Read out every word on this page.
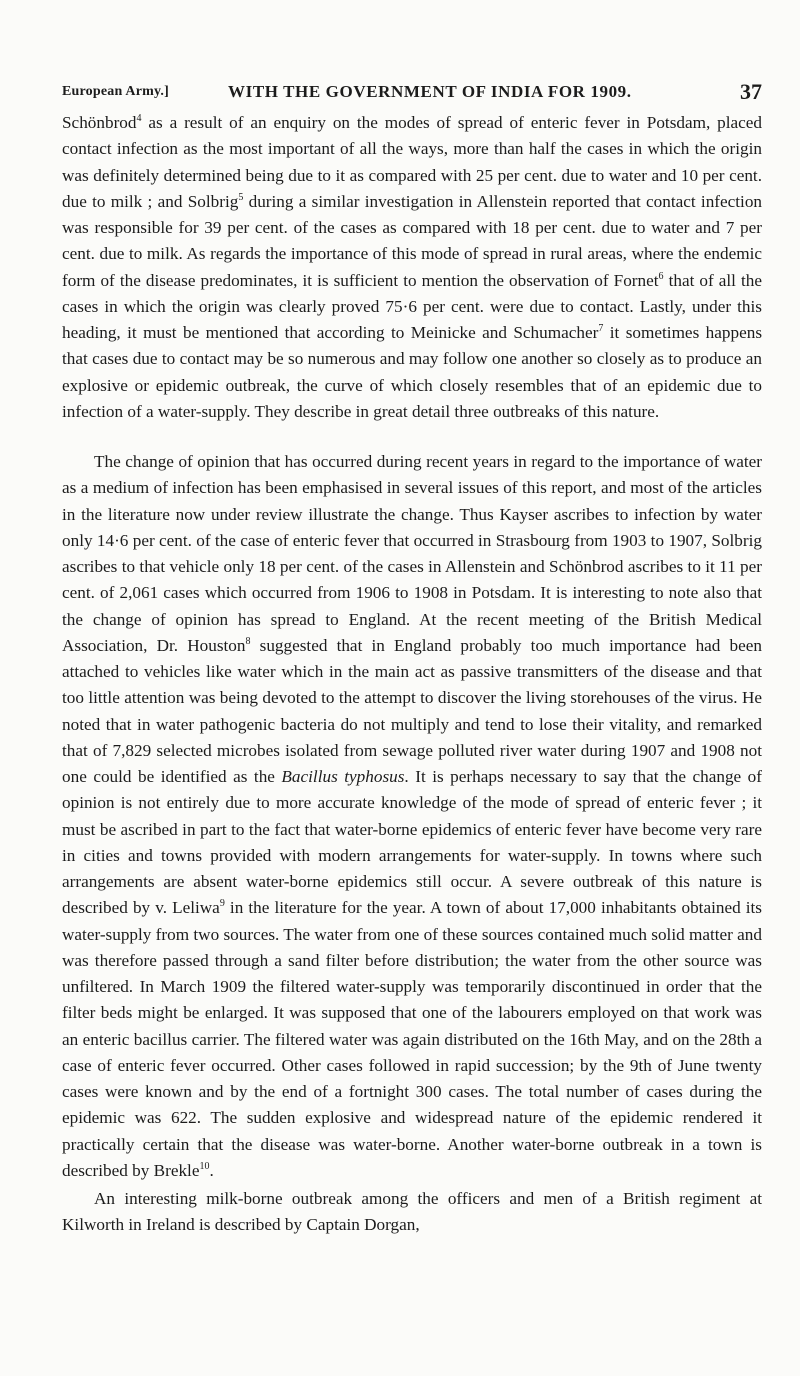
European Army.]	WITH THE GOVERNMENT OF INDIA FOR 1909.	37

Schönbrod$^4$ as a result of an enquiry on the modes of spread of enteric fever in Potsdam, placed contact infection as the most important of all the ways, more than half the cases in which the origin was definitely determined being due to it as compared with 25 per cent. due to water and 10 per cent. due to milk ; and Solbrig$^5$ during a similar investigation in Allenstein reported that contact infection was responsible for 39 per cent. of the cases as compared with 18 per cent. due to water and 7 per cent. due to milk. As regards the importance of this mode of spread in rural areas, where the endemic form of the disease predominates, it is sufficient to mention the observation of Fornet$^6$ that of all the cases in which the origin was clearly proved 75·6 per cent. were due to contact. Lastly, under this heading, it must be mentioned that according to Meinicke and Schumacher$^7$ it sometimes happens that cases due to contact may be so numerous and may follow one another so closely as to produce an explosive or epidemic outbreak, the curve of which closely resembles that of an epidemic due to infection of a water-supply. They describe in great detail three outbreaks of this nature.

The change of opinion that has occurred during recent years in regard to the importance of water as a medium of infection has been emphasised in several issues of this report, and most of the articles in the literature now under review illustrate the change. Thus Kayser ascribes to infection by water only 14·6 per cent. of the case of enteric fever that occurred in Strasbourg from 1903 to 1907, Solbrig ascribes to that vehicle only 18 per cent. of the cases in Allenstein and Schönbrod ascribes to it 11 per cent. of 2,061 cases which occurred from 1906 to 1908 in Potsdam. It is interesting to note also that the change of opinion has spread to England. At the recent meeting of the British Medical Association, Dr. Houston$^8$ suggested that in England probably too much importance had been attached to vehicles like water which in the main act as passive transmitters of the disease and that too little attention was being devoted to the attempt to discover the living storehouses of the virus. He noted that in water pathogenic bacteria do not multiply and tend to lose their vitality, and remarked that of 7,829 selected microbes isolated from sewage polluted river water during 1907 and 1908 not one could be identified as the Bacillus typhosus. It is perhaps necessary to say that the change of opinion is not entirely due to more accurate knowledge of the mode of spread of enteric fever ; it must be ascribed in part to the fact that water-borne epidemics of enteric fever have become very rare in cities and towns provided with modern arrangements for water-supply. In towns where such arrangements are absent water-borne epidemics still occur. A severe outbreak of this nature is described by v. Leliwa$^9$ in the literature for the year. A town of about 17,000 inhabitants obtained its water-supply from two sources. The water from one of these sources contained much solid matter and was therefore passed through a sand filter before distribution; the water from the other source was unfiltered. In March 1909 the filtered water-supply was temporarily discontinued in order that the filter beds might be enlarged. It was supposed that one of the labourers employed on that work was an enteric bacillus carrier. The filtered water was again distributed on the 16th May, and on the 28th a case of enteric fever occurred. Other cases followed in rapid succession; by the 9th of June twenty cases were known and by the end of a fortnight 300 cases. The total number of cases during the epidemic was 622. The sudden explosive and widespread nature of the epidemic rendered it practically certain that the disease was water-borne. Another water-borne outbreak in a town is described by Brekle$^{10}$.

An interesting milk-borne outbreak among the officers and men of a British regiment at Kilworth in Ireland is described by Captain Dorgan,
